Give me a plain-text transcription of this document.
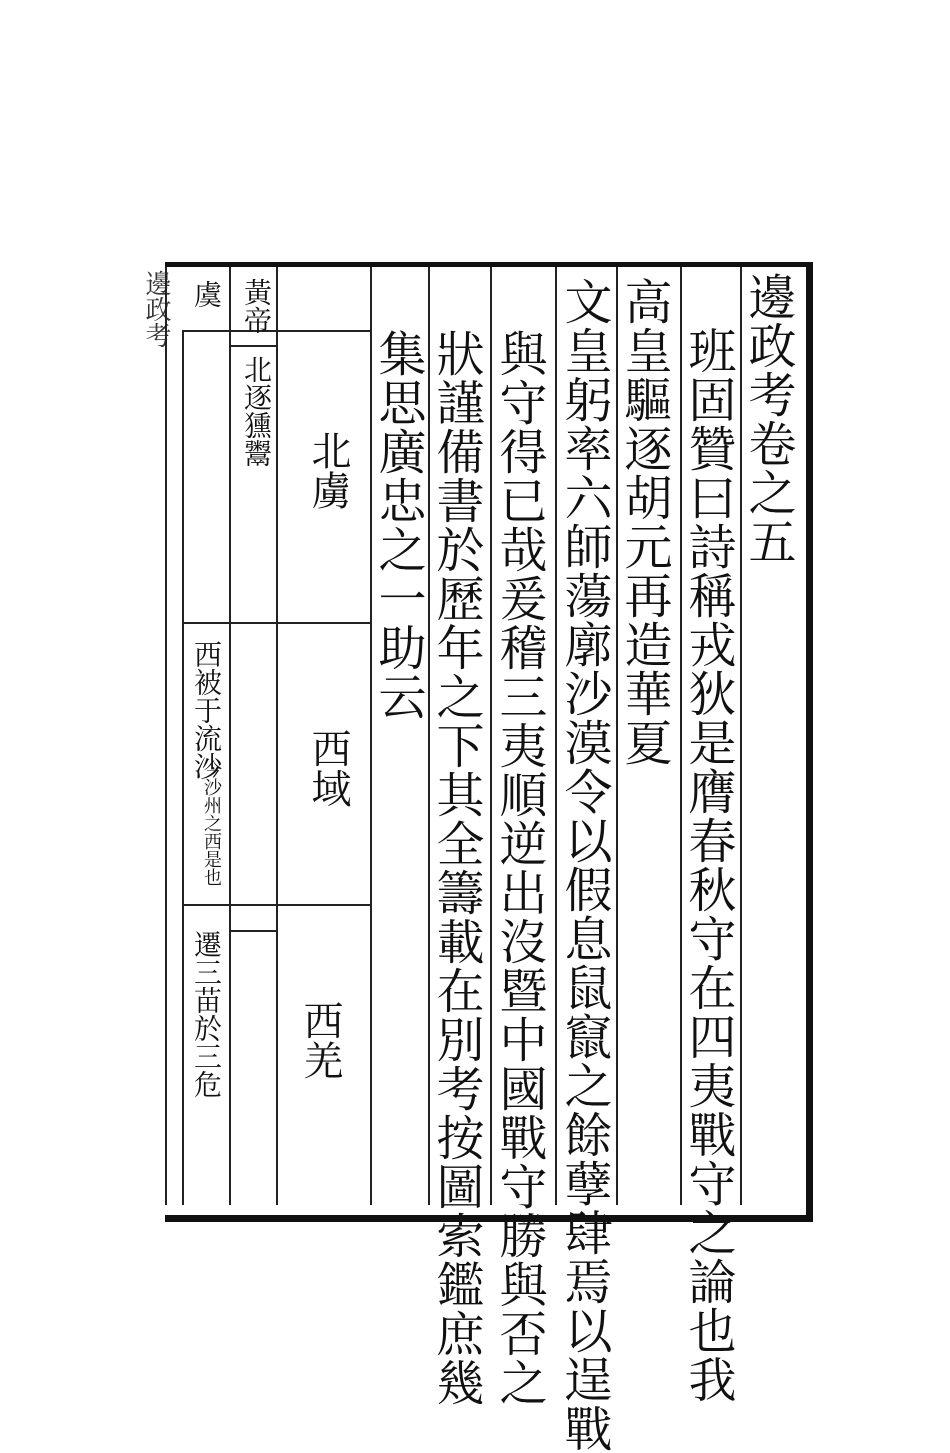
邊政考	邊政考卷之五
班固贊曰詩稱戎狄是膺春秋守在四夷戰守之論也我
高皇驅逐胡元再造華夏
文皇躬率六師蕩廓沙漠令以假息鼠竄之餘孽肆焉以逞戰
與守得已哉爰稽三夷順逆出沒暨中國戰守勝與否之
狀謹備書於歷年之下其全籌載在別考按圖索鑑庶幾
集思廣忠之一助云
北虜
西域
西羌
黃帝
北逐獯鬻
虞
西被于流沙
今沙州之西是也
遷三苗於三危
